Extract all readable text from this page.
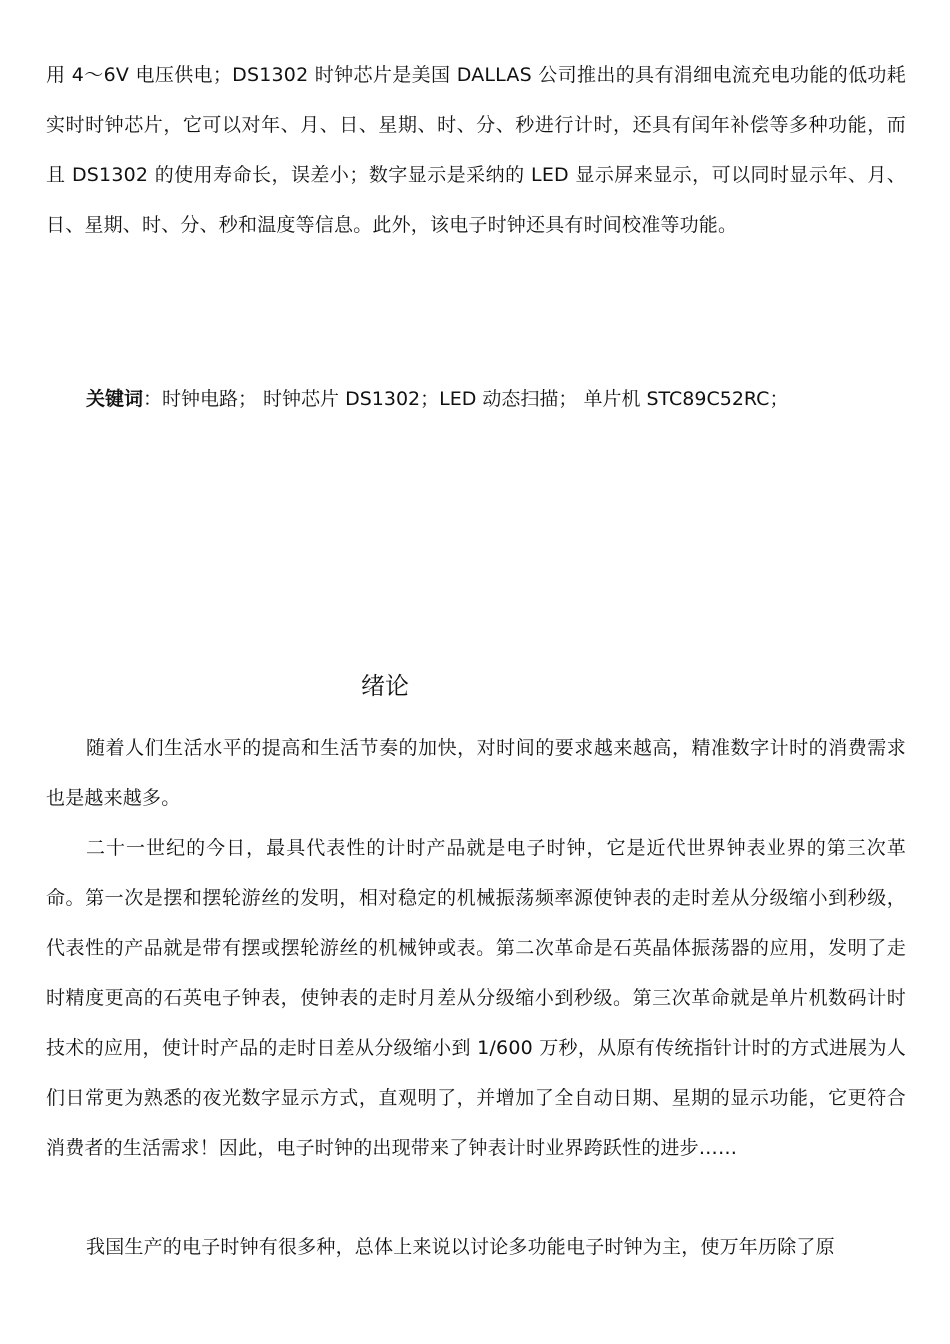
用 4～6V 电压供电；DS1302 时钟芯片是美国 DALLAS 公司推出的具有涓细电流充电功能的低功耗实时时钟芯片，它可以对年、月、日、星期、时、分、秒进行计时，还具有闰年补偿等多种功能，而且 DS1302 的使用寿命长，误差小；数字显示是采纳的 LED 显示屏来显示，可以同时显示年、月、日、星期、时、分、秒和温度等信息。此外，该电子时钟还具有时间校准等功能。

关键词：时钟电路； 时钟芯片 DS1302；LED 动态扫描； 单片机 STC89C52RC；

绪论

随着人们生活水平的提高和生活节奏的加快，对时间的要求越来越高，精准数字计时的消费需求也是越来越多。

二十一世纪的今日，最具代表性的计时产品就是电子时钟，它是近代世界钟表业界的第三次革命。第一次是摆和摆轮游丝的发明，相对稳定的机械振荡频率源使钟表的走时差从分级缩小到秒级，代表性的产品就是带有摆或摆轮游丝的机械钟或表。第二次革命是石英晶体振荡器的应用，发明了走时精度更高的石英电子钟表，使钟表的走时月差从分级缩小到秒级。第三次革命就是单片机数码计时技术的应用，使计时产品的走时日差从分级缩小到 1/600 万秒，从原有传统指针计时的方式进展为人们日常更为熟悉的夜光数字显示方式，直观明了，并增加了全自动日期、星期的显示功能，它更符合消费者的生活需求！因此，电子时钟的出现带来了钟表计时业界跨跃性的进步……

我国生产的电子时钟有很多种，总体上来说以讨论多功能电子时钟为主，使万年历除了原
